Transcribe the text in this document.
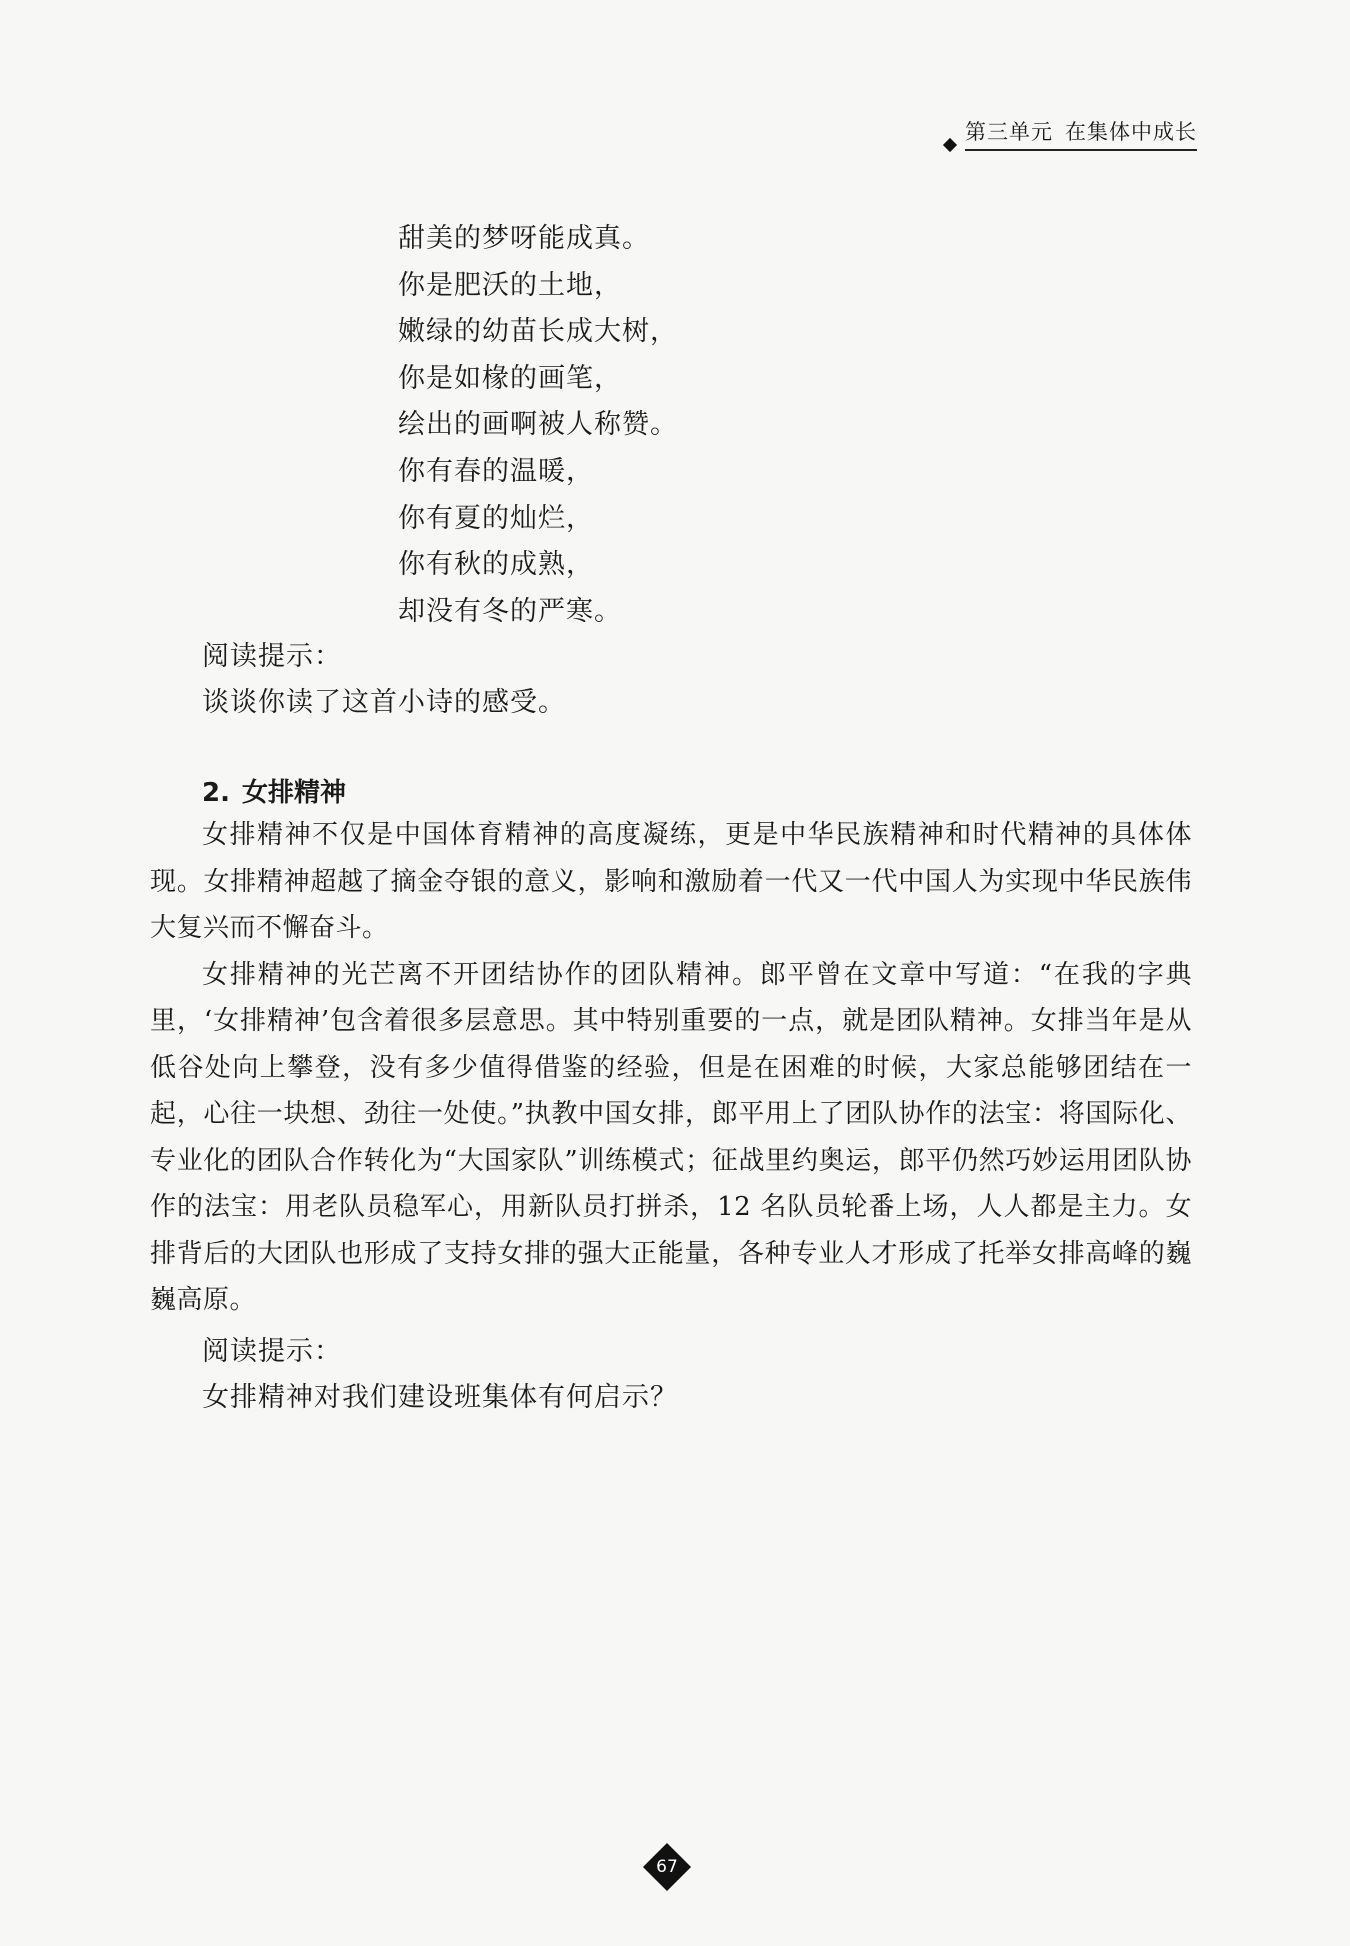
第三单元 在集体中成长
甜美的梦呀能成真。
你是肥沃的土地，
嫩绿的幼苗长成大树，
你是如椽的画笔，
绘出的画啊被人称赞。
你有春的温暖，
你有夏的灿烂，
你有秋的成熟，
却没有冬的严寒。

阅读提示：

谈谈你读了这首小诗的感受。

2. 女排精神

女排精神不仅是中国体育精神的高度凝练，更是中华民族精神和时代精神的具体体现。女排精神超越了摘金夺银的意义，影响和激励着一代又一代中国人为实现中华民族伟大复兴而不懈奋斗。

女排精神的光芒离不开团结协作的团队精神。郎平曾在文章中写道：“在我的字典里，‘女排精神’包含着很多层意思。其中特别重要的一点，就是团队精神。女排当年是从低谷处向上攀登，没有多少值得借鉴的经验，但是在困难的时候，大家总能够团结在一起，心往一块想、劲往一处使。”执教中国女排，郎平用上了团队协作的法宝：将国际化、专业化的团队合作转化为“大国家队”训练模式；征战里约奥运，郎平仍然巧妙运用团队协作的法宝：用老队员稳军心，用新队员打拼杀，12 名队员轮番上场，人人都是主力。女排背后的大团队也形成了支持女排的强大正能量，各种专业人才形成了托举女排高峰的巍巍高原。

阅读提示：

女排精神对我们建设班集体有何启示？

67
